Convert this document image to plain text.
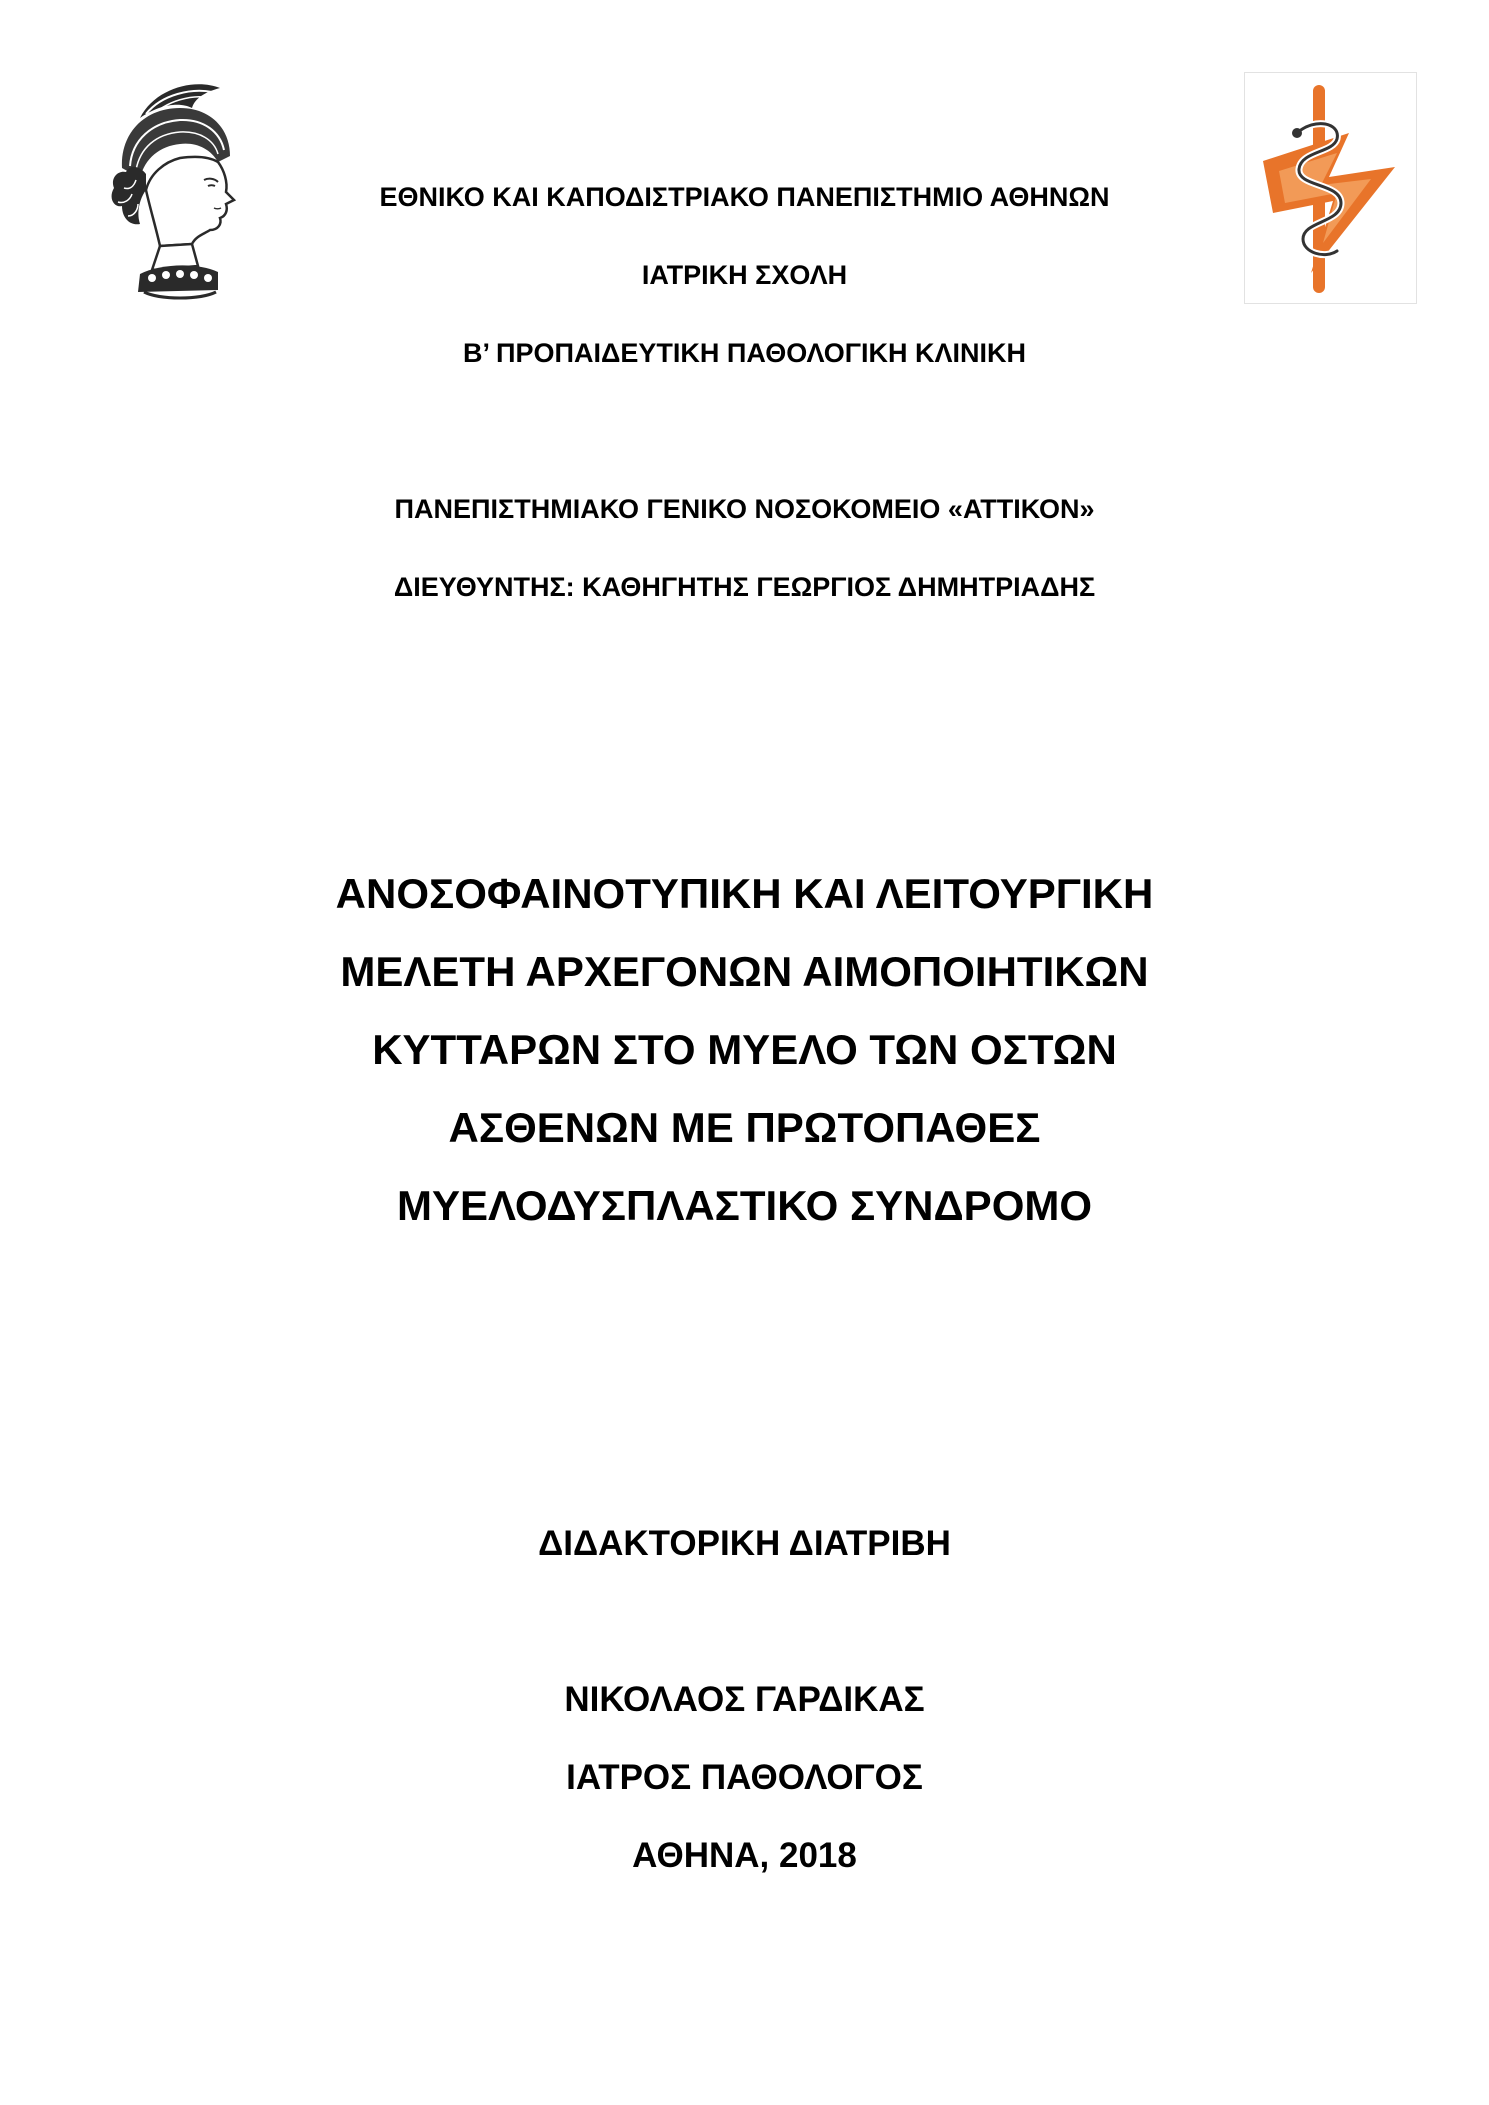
ΕΘΝΙΚΟ ΚΑΙ ΚΑΠΟΔΙΣΤΡΙΑΚΟ ΠΑΝΕΠΙΣΤΗΜΙΟ ΑΘΗΝΩΝ
ΙΑΤΡΙΚΗ ΣΧΟΛΗ
Β’ ΠΡΟΠΑΙΔΕΥΤΙΚΗ ΠΑΘΟΛΟΓΙΚΗ ΚΛΙΝΙΚΗ
ΠΑΝΕΠΙΣΤΗΜΙΑΚΟ ΓΕΝΙΚΟ ΝΟΣΟΚΟΜΕΙΟ «ΑΤΤΙΚΟΝ»
ΔΙΕΥΘΥΝΤΗΣ: ΚΑΘΗΓΗΤΗΣ ΓΕΩΡΓΙΟΣ ΔΗΜΗΤΡΙΑΔΗΣ
ΑΝΟΣΟΦΑΙΝΟΤΥΠΙΚΗ ΚΑΙ ΛΕΙΤΟΥΡΓΙΚΗ
ΜΕΛΕΤΗ ΑΡΧΕΓΟΝΩΝ ΑΙΜΟΠΟΙΗΤΙΚΩΝ
ΚΥΤΤΑΡΩΝ ΣΤΟ ΜΥΕΛΟ ΤΩΝ ΟΣΤΩΝ
ΑΣΘΕΝΩΝ ΜΕ ΠΡΩΤΟΠΑΘΕΣ
ΜΥΕΛΟΔΥΣΠΛΑΣΤΙΚΟ ΣΥΝΔΡΟΜΟ
ΔΙΔΑΚΤΟΡΙΚΗ ΔΙΑΤΡΙΒΗ
ΝΙΚΟΛΑΟΣ ΓΑΡΔΙΚΑΣ
ΙΑΤΡΟΣ ΠΑΘΟΛΟΓΟΣ
ΑΘΗΝΑ, 2018
